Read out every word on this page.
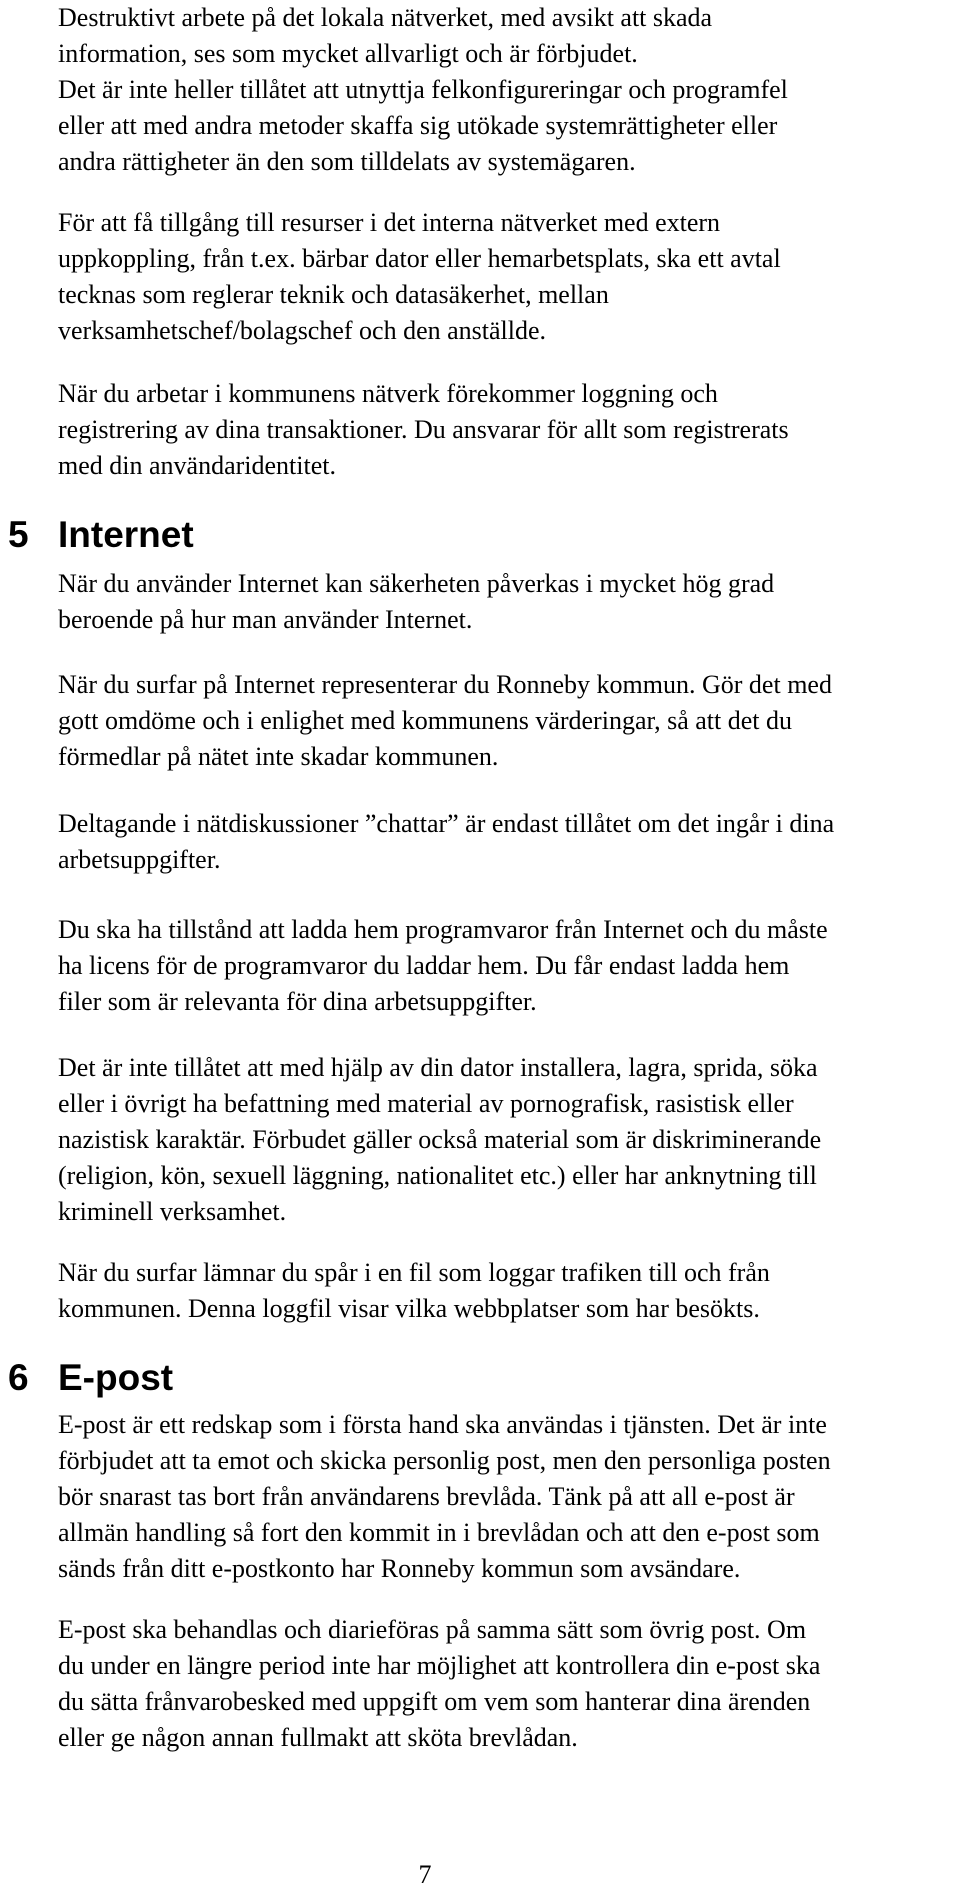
Destruktivt arbete på det lokala nätverket, med avsikt att skada
information, ses som mycket allvarligt och är förbjudet.
Det är inte heller tillåtet att utnyttja felkonfigureringar och programfel
eller att med andra metoder skaffa sig utökade systemrättigheter eller
andra rättigheter än den som tilldelats av systemägaren.

För att få tillgång till resurser i det interna nätverket med extern
uppkoppling, från t.ex. bärbar dator eller hemarbetsplats, ska ett avtal
tecknas som reglerar teknik och datasäkerhet, mellan
verksamhetschef/bolagschef och den anställde.

När du arbetar i kommunens nätverk förekommer loggning och
registrering av dina transaktioner. Du ansvarar för allt som registrerats
med din användaridentitet.

5 Internet

När du använder Internet kan säkerheten påverkas i mycket hög grad
beroende på hur man använder Internet.

När du surfar på Internet representerar du Ronneby kommun. Gör det med
gott omdöme och i enlighet med kommunens värderingar, så att det du
förmedlar på nätet inte skadar kommunen.

Deltagande i nätdiskussioner ”chattar” är endast tillåtet om det ingår i dina
arbetsuppgifter.

Du ska ha tillstånd att ladda hem programvaror från Internet och du måste
ha licens för de programvaror du laddar hem. Du får endast ladda hem
filer som är relevanta för dina arbetsuppgifter.

Det är inte tillåtet att med hjälp av din dator installera, lagra, sprida, söka
eller i övrigt ha befattning med material av pornografisk, rasistisk eller
nazistisk karaktär. Förbudet gäller också material som är diskriminerande
(religion, kön, sexuell läggning, nationalitet etc.) eller har anknytning till
kriminell verksamhet.

När du surfar lämnar du spår i en fil som loggar trafiken till och från
kommunen. Denna loggfil visar vilka webbplatser som har besökts.

6 E-post

E-post är ett redskap som i första hand ska användas i tjänsten. Det är inte
förbjudet att ta emot och skicka personlig post, men den personliga posten
bör snarast tas bort från användarens brevlåda. Tänk på att all e-post är
allmän handling så fort den kommit in i brevlådan och att den e-post som
sänds från ditt e-postkonto har Ronneby kommun som avsändare.

E-post ska behandlas och diarieföras på samma sätt som övrig post. Om
du under en längre period inte har möjlighet att kontrollera din e-post ska
du sätta frånvarobesked med uppgift om vem som hanterar dina ärenden
eller ge någon annan fullmakt att sköta brevlådan.

7
